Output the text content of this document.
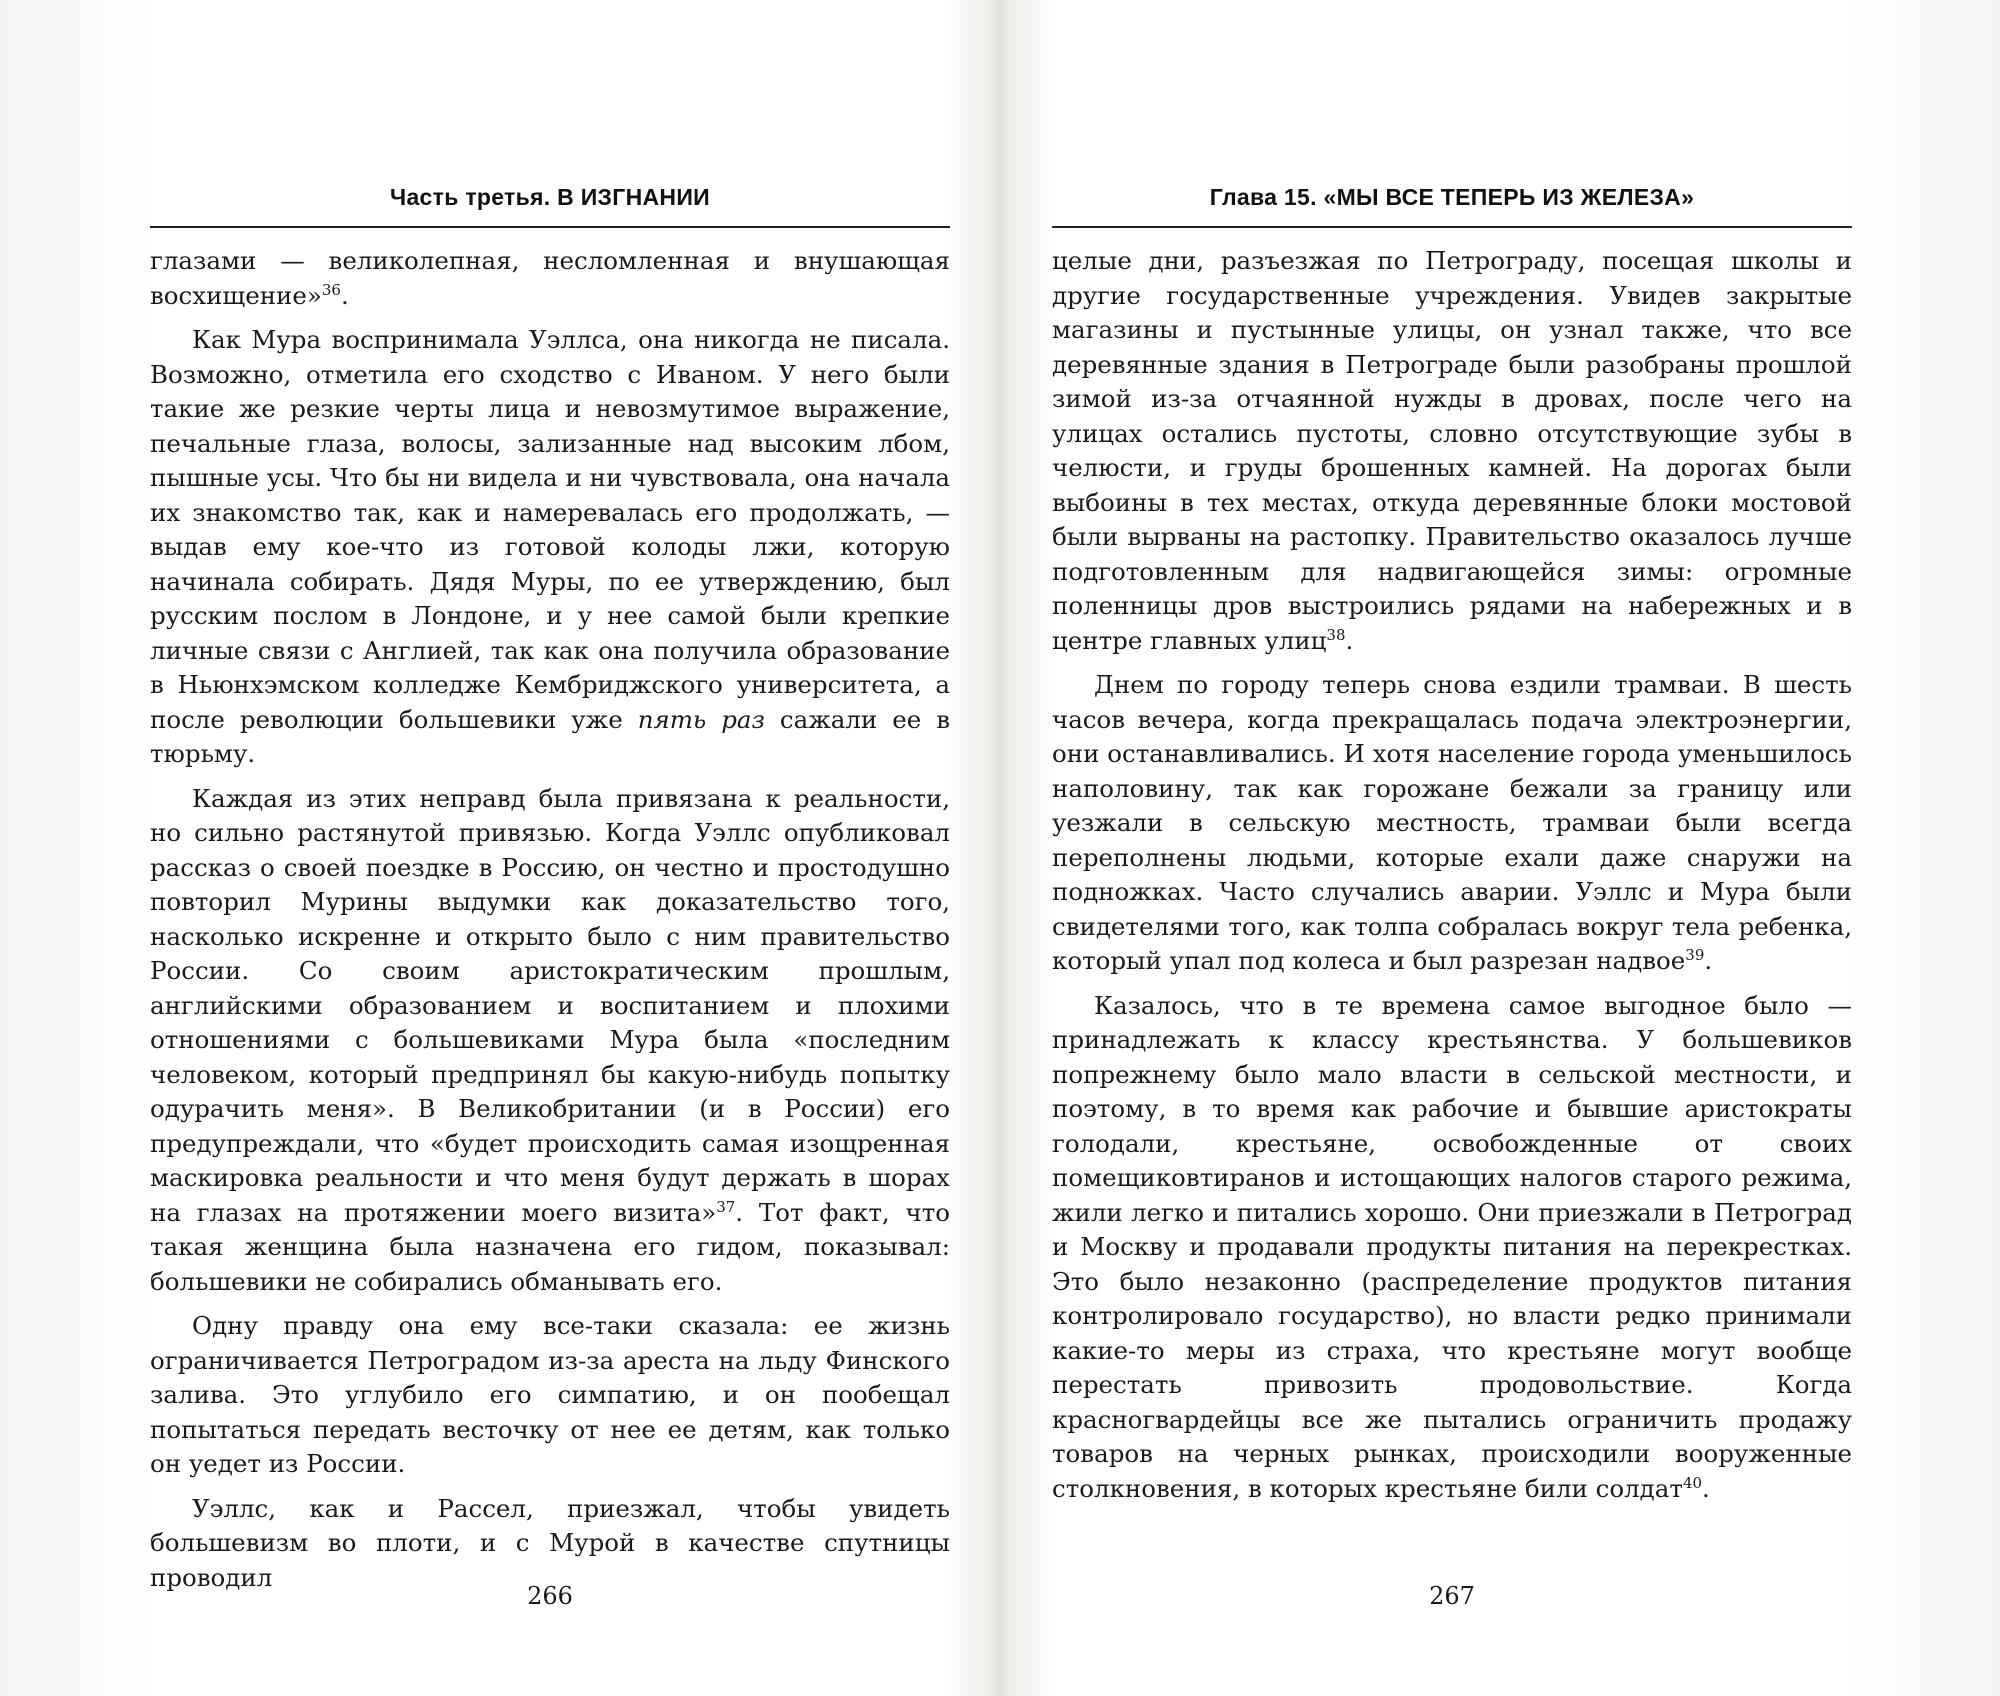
Часть третья. В ИЗГНАНИИ

глазами — великолепная, несломленная и внушающая восхищение»$^{36}$.

Как Мура воспринимала Уэллса, она никогда не писала. Возможно, отметила его сходство с Иваном. У него были такие же резкие черты лица и невозмутимое выражение, печальные глаза, волосы, зализанные над высоким лбом, пышные усы. Что бы ни видела и ни чувствовала, она начала их знакомство так, как и намеревалась его продолжать, — выдав ему кое-что из готовой колоды лжи, которую начинала собирать. Дядя Муры, по ее утверждению, был русским послом в Лондоне, и у нее самой были крепкие личные связи с Англией, так как она получила образование в Ньюнхэмском колледже Кембриджского университета, а после революции большевики уже пять раз сажали ее в тюрьму.

Каждая из этих неправд была привязана к реальности, но сильно растянутой привязью. Когда Уэллс опубликовал рассказ о своей поездке в Россию, он честно и простодушно повторил Мурины выдумки как доказательство того, насколько искренне и открыто было с ним правительство России. Со своим аристократическим прошлым, английскими образованием и воспитанием и плохими отношениями с большевиками Мура была «последним человеком, который предпринял бы какую-нибудь попытку одурачить меня». В Великобритании (и в России) его предупреждали, что «будет происходить самая изощренная маскировка реальности и что меня будут держать в шорах на глазах на протяжении моего визита»$^{37}$. Тот факт, что такая женщина была назначена его гидом, показывал: большевики не собирались обманывать его.

Одну правду она ему все-таки сказала: ее жизнь ограничивается Петроградом из-за ареста на льду Финского залива. Это углубило его симпатию, и он пообещал попытаться передать весточку от нее ее детям, как только он уедет из России.

Уэллс, как и Рассел, приезжал, чтобы увидеть большевизм во плоти, и с Мурой в качестве спутницы проводил

266
Глава 15. «МЫ ВСЕ ТЕПЕРЬ ИЗ ЖЕЛЕЗА»

целые дни, разъезжая по Петрограду, посещая школы и другие государственные учреждения. Увидев закрытые магазины и пустынные улицы, он узнал также, что все деревянные здания в Петрограде были разобраны прошлой зимой из-за отчаянной нужды в дровах, после чего на улицах остались пустоты, словно отсутствующие зубы в челюсти, и груды брошенных камней. На дорогах были выбоины в тех местах, откуда деревянные блоки мостовой были вырваны на растопку. Правительство оказалось лучше подготовленным для надвигающейся зимы: огромные поленницы дров выстроились рядами на набережных и в центре главных улиц$^{38}$.

Днем по городу теперь снова ездили трамваи. В шесть часов вечера, когда прекращалась подача электроэнергии, они останавливались. И хотя население города уменьшилось наполовину, так как горожане бежали за границу или уезжали в сельскую местность, трамваи были всегда переполнены людьми, которые ехали даже снаружи на подножках. Часто случались аварии. Уэллс и Мура были свидетелями того, как толпа собралась вокруг тела ребенка, который упал под колеса и был разрезан надвое$^{39}$.

Казалось, что в те времена самое выгодное было — принадлежать к классу крестьянства. У большевиков попрежнему было мало власти в сельской местности, и поэтому, в то время как рабочие и бывшие аристократы голодали, крестьяне, освобожденные от своих помещиковтиранов и истощающих налогов старого режима, жили легко и питались хорошо. Они приезжали в Петроград и Москву и продавали продукты питания на перекрестках. Это было незаконно (распределение продуктов питания контролировало государство), но власти редко принимали какие-то меры из страха, что крестьяне могут вообще перестать привозить продовольствие. Когда красногвардейцы все же пытались ограничить продажу товаров на черных рынках, происходили вооруженные столкновения, в которых крестьяне били солдат$^{40}$.

267
